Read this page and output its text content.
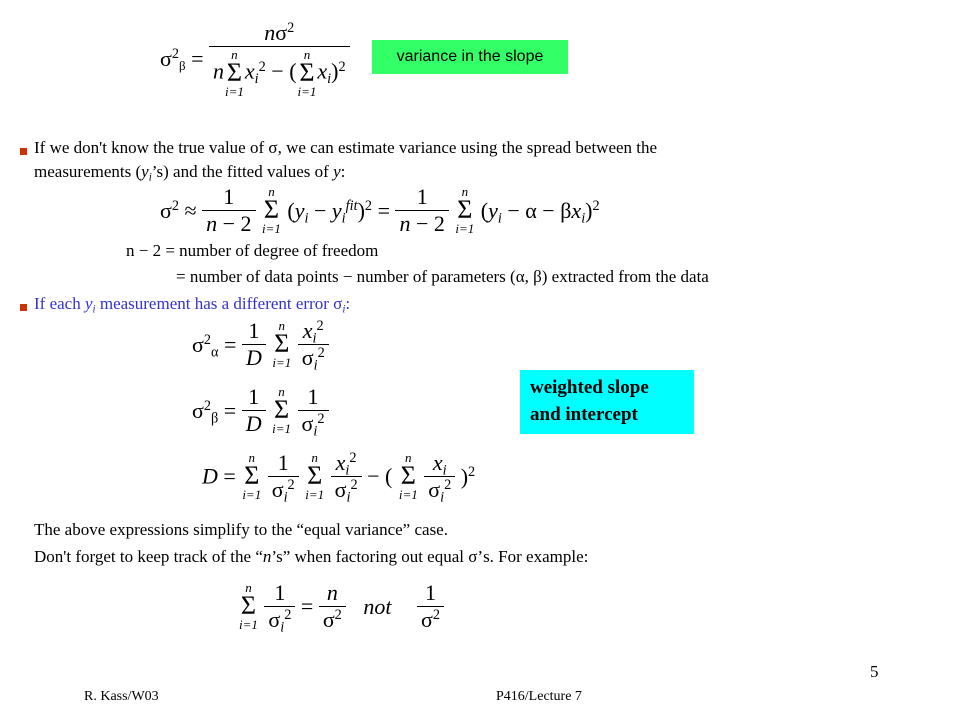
$\sigma^2_\beta = n\sigma^2$
n
n
Σ
i=1
$x_i^2$ − (
n
Σ
i=1
$x_i)^2$	variance in the slope
If we don't know the true value of σ, we can estimate variance using the spread between the
measurements $(y_i’s)$ and the fitted values of y:
$\sigma^2 \approx \frac{1}{n - 2}$
n
Σ
i=1
$(y_i - y_i^{fit})^2 = \frac{1}{n - 2}$
n
Σ
i=1
$(y_i - \alpha - \beta x_i)^2$
n − 2 = number of degree of freedom
= number of data points − number of parameters (α, β) extracted from the data
If each $y_i$ measurement has a different error $\sigma_i$:
$\sigma^2_\alpha = \frac{1}{D}$
n
Σ
i=1
$\frac{x_i^2}{\sigma_i^2}$
$\sigma^2_\beta = \frac{1}{D}$
n
Σ
i=1
$\frac{1}{\sigma_i^2}$	weighted slope
and intercept
D =
n
Σ
i=1
$\frac{1}{\sigma_i^2}$
n
Σ
i=1
$\frac{x_i^2}{\sigma_i^2}$ − (
n
Σ
i=1
$\frac{x_i}{\sigma_i^2} )^2$
The above expressions simplify to the “equal variance” case.
Don't forget to keep track of the “n’s” when factoring out equal σ’s. For example:
n
Σ
i=1
$\frac{1}{\sigma_i^2} = \frac{n}{\sigma^2}$ not $\frac{1}{\sigma^2}$
5
R. Kass/W03	P416/Lecture 7
